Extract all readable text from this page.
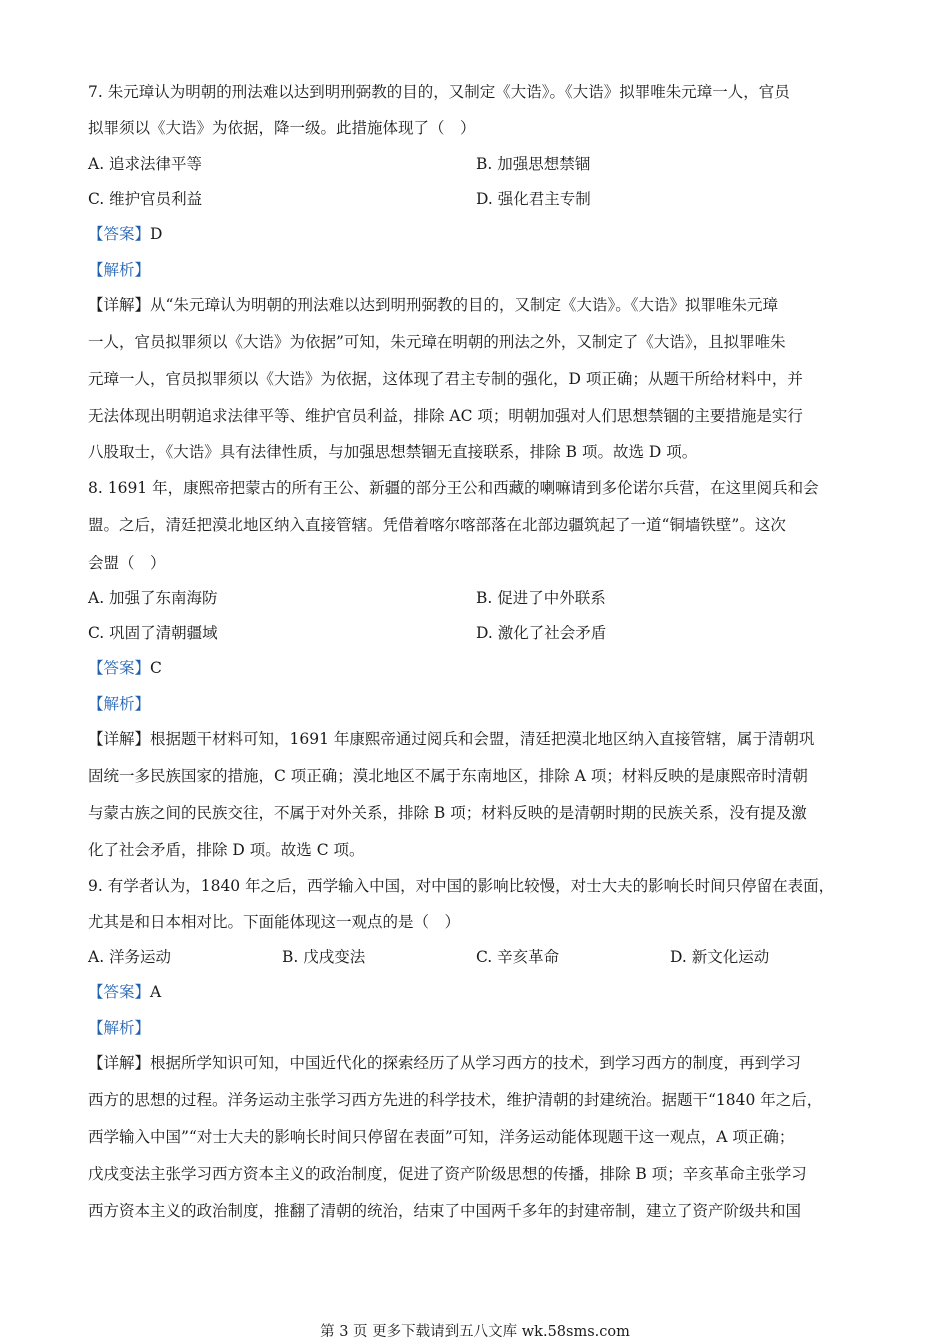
7. 朱元璋认为明朝的刑法难以达到明刑弼教的目的，又制定《大诰》。《大诰》拟罪唯朱元璋一人，官员
拟罪须以《大诰》为依据，降一级。此措施体现了（　）
A. 追求法律平等	B. 加强思想禁锢
C. 维护官员利益	D. 强化君主专制
【答案】D
【解析】
【详解】从“朱元璋认为明朝的刑法难以达到明刑弼教的目的，又制定《大诰》。《大诰》拟罪唯朱元璋
一人，官员拟罪须以《大诰》为依据”可知，朱元璋在明朝的刑法之外，又制定了《大诰》，且拟罪唯朱
元璋一人，官员拟罪须以《大诰》为依据，这体现了君主专制的强化，D 项正确；从题干所给材料中，并
无法体现出明朝追求法律平等、维护官员利益，排除 AC 项；明朝加强对人们思想禁锢的主要措施是实行
八股取士，《大诰》具有法律性质，与加强思想禁锢无直接联系，排除 B 项。故选 D 项。
8. 1691 年，康熙帝把蒙古的所有王公、新疆的部分王公和西藏的喇嘛请到多伦诺尔兵营，在这里阅兵和会
盟。之后，清廷把漠北地区纳入直接管辖。凭借着喀尔喀部落在北部边疆筑起了一道“铜墙铁壁”。这次
会盟（　）
A. 加强了东南海防	B. 促进了中外联系
C. 巩固了清朝疆域	D. 激化了社会矛盾
【答案】C
【解析】
【详解】根据题干材料可知，1691 年康熙帝通过阅兵和会盟，清廷把漠北地区纳入直接管辖，属于清朝巩
固统一多民族国家的措施，C 项正确；漠北地区不属于东南地区，排除 A 项；材料反映的是康熙帝时清朝
与蒙古族之间的民族交往，不属于对外关系，排除 B 项；材料反映的是清朝时期的民族关系，没有提及激
化了社会矛盾，排除 D 项。故选 C 项。
9. 有学者认为，1840 年之后，西学输入中国，对中国的影响比较慢，对士大夫的影响长时间只停留在表面，
尤其是和日本相对比。下面能体现这一观点的是（　）
A. 洋务运动	B. 戊戌变法	C. 辛亥革命	D. 新文化运动
【答案】A
【解析】
【详解】根据所学知识可知，中国近代化的探索经历了从学习西方的技术，到学习西方的制度，再到学习
西方的思想的过程。洋务运动主张学习西方先进的科学技术，维护清朝的封建统治。据题干“1840 年之后，
西学输入中国”“对士大夫的影响长时间只停留在表面”可知，洋务运动能体现题干这一观点，A 项正确；
戊戌变法主张学习西方资本主义的政治制度，促进了资产阶级思想的传播，排除 B 项；辛亥革命主张学习
西方资本主义的政治制度，推翻了清朝的统治，结束了中国两千多年的封建帝制，建立了资产阶级共和国
第 3 页 更多下载请到五八文库 wk.58sms.com
